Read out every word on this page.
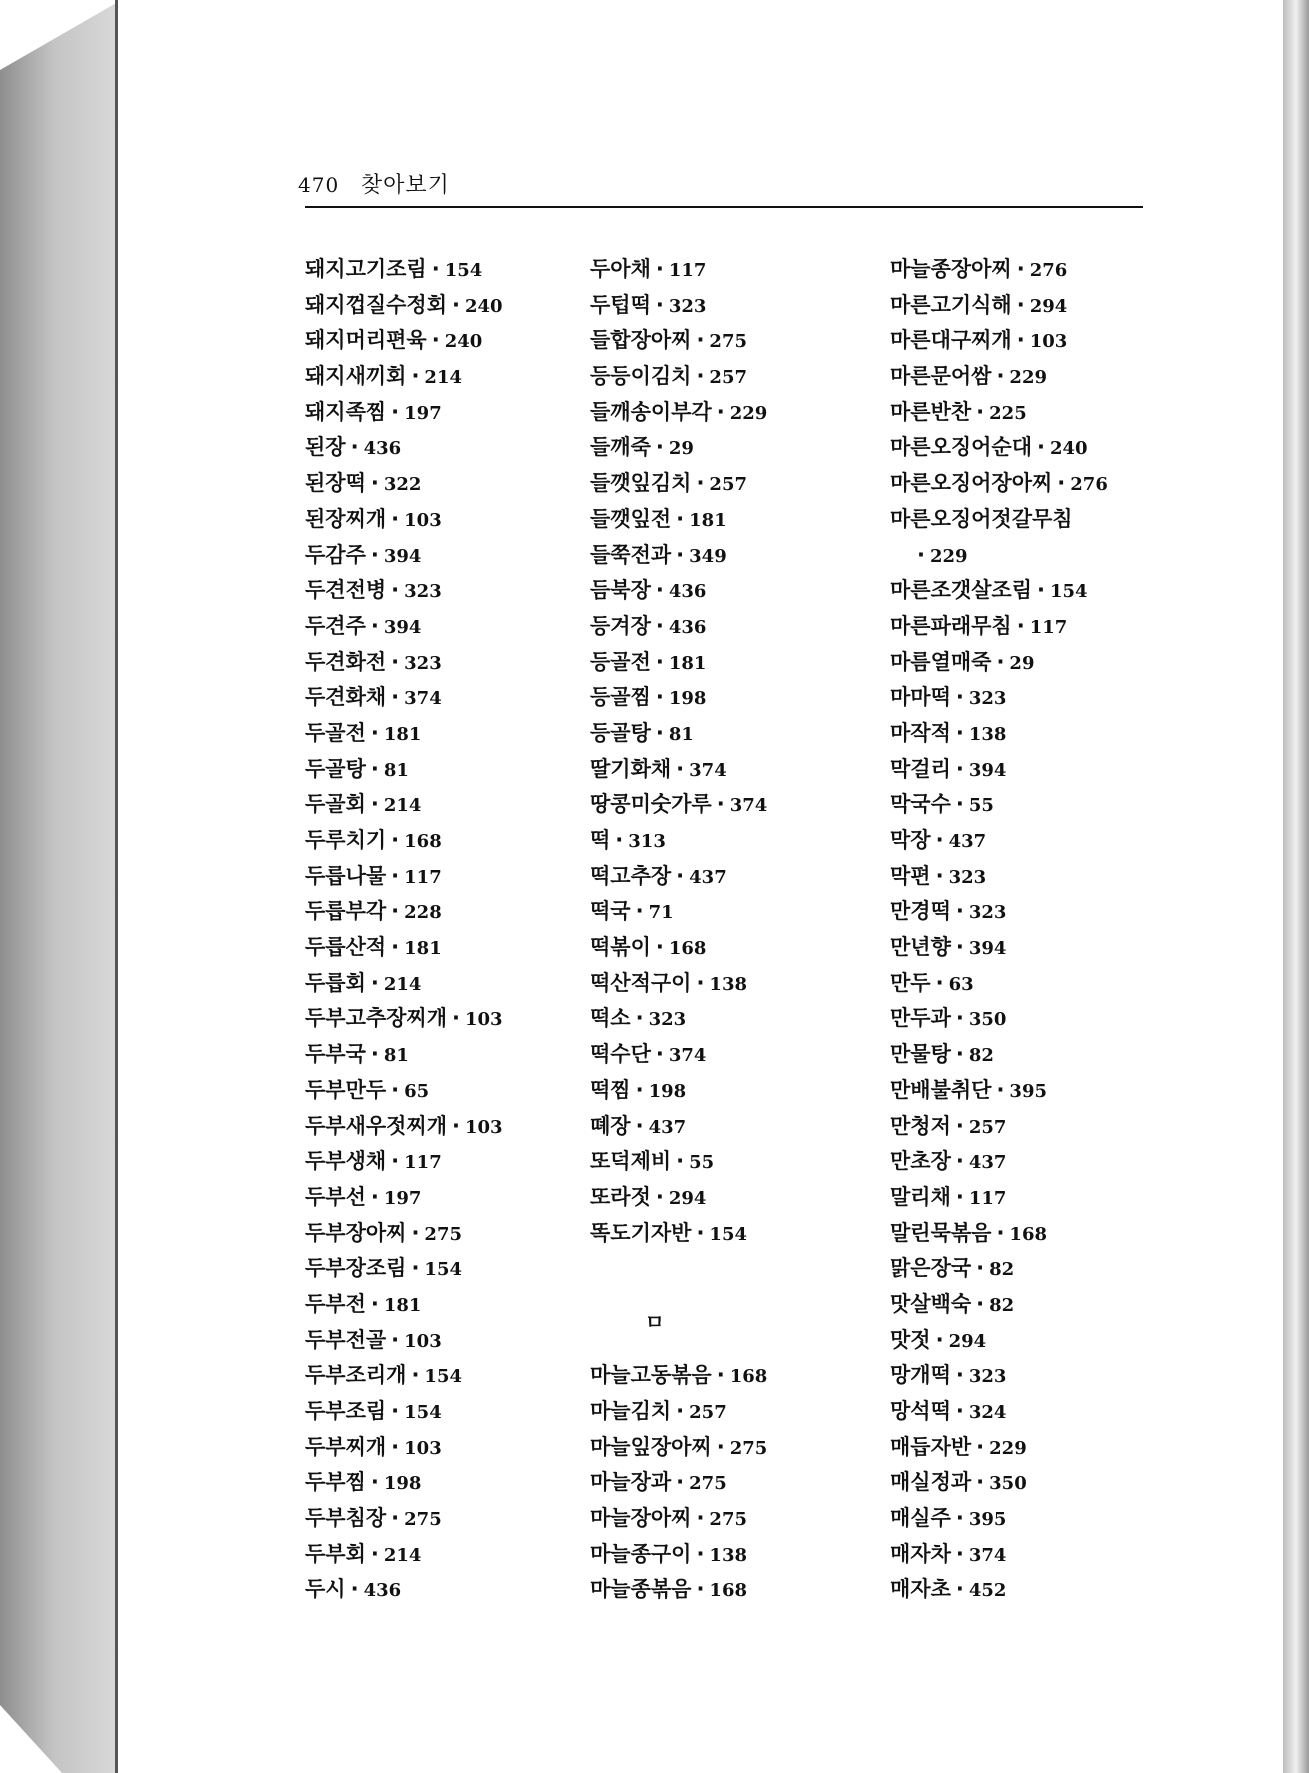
470 찾아보기
돼지고기조림 · 154
돼지껍질수정회 · 240
돼지머리편육 · 240
돼지새끼회 · 214
돼지족찜 · 197
된장 · 436
된장떡 · 322
된장찌개 · 103
두감주 · 394
두견전병 · 323
두견주 · 394
두견화전 · 323
두견화채 · 374
두골전 · 181
두골탕 · 81
두골회 · 214
두루치기 · 168
두릅나물 · 117
두릅부각 · 228
두릅산적 · 181
두릅회 · 214
두부고추장찌개 · 103
두부국 · 81
두부만두 · 65
두부새우젓찌개 · 103
두부생채 · 117
두부선 · 197
두부장아찌 · 275
두부장조림 · 154
두부전 · 181
두부전골 · 103
두부조리개 · 154
두부조림 · 154
두부찌개 · 103
두부찜 · 198
두부침장 · 275
두부회 · 214
두시 · 436
두아채 · 117
두텁떡 · 323
들합장아찌 · 275
등등이김치 · 257
들깨송이부각 · 229
들깨죽 · 29
들깻잎김치 · 257
들깻잎전 · 181
들쭉전과 · 349
듬북장 · 436
등겨장 · 436
등골전 · 181
등골찜 · 198
등골탕 · 81
딸기화채 · 374
땅콩미숫가루 · 374
떡 · 313
떡고추장 · 437
떡국 · 71
떡볶이 · 168
떡산적구이 · 138
떡소 · 323
떡수단 · 374
떡찜 · 198
뗴장 · 437
또덕제비 · 55
또라젓 · 294
똑도기자반 · 154
ㅁ
마늘고동볶음 · 168
마늘김치 · 257
마늘잎장아찌 · 275
마늘장과 · 275
마늘장아찌 · 275
마늘종구이 · 138
마늘종볶음 · 168
마늘종장아찌 · 276
마른고기식해 · 294
마른대구찌개 · 103
마른문어쌈 · 229
마른반찬 · 225
마른오징어순대 · 240
마른오징어장아찌 · 276
마른오징어젓갈무침
· 229
마른조갯살조림 · 154
마른파래무침 · 117
마름열매죽 · 29
마마떡 · 323
마작적 · 138
막걸리 · 394
막국수 · 55
막장 · 437
막편 · 323
만경떡 · 323
만년향 · 394
만두 · 63
만두과 · 350
만물탕 · 82
만배불취단 · 395
만청저 · 257
만초장 · 437
말리채 · 117
말린묵볶음 · 168
맑은장국 · 82
맛살백숙 · 82
맛젓 · 294
망개떡 · 323
망석떡 · 324
매듭자반 · 229
매실정과 · 350
매실주 · 395
매자차 · 374
매자초 · 452
